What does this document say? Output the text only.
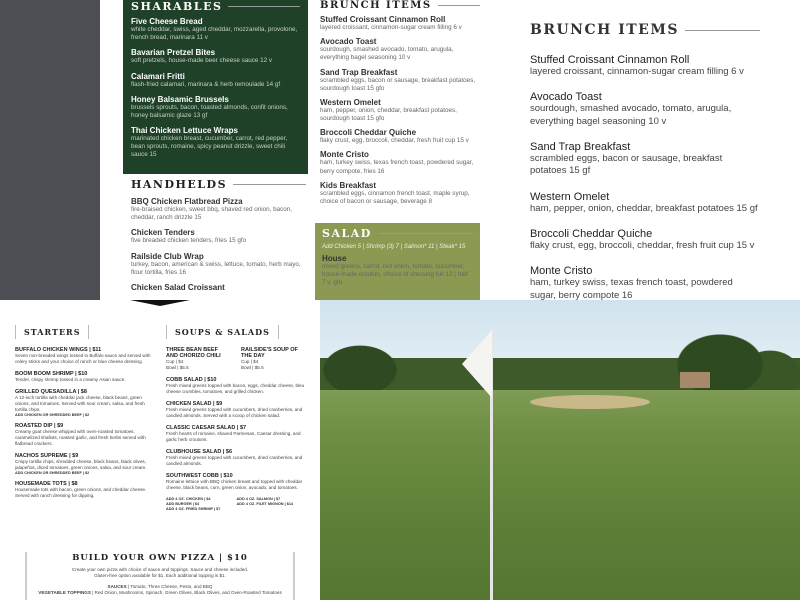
SHARABLES
Five Cheese Bread
white cheddar, swiss, aged cheddar, mozzarella, provolone, french bread, marinara 11 v
Bavarian Pretzel Bites
soft pretzels, house-made beer cheese sauce 12 v
Calamari Fritti
flash-fried calamari, marinara & herb remoulade 14 gf
Honey Balsamic Brussels
brussels sprouts, bacon, toasted almonds, confit onions, honey balsamic glaze 13 gf
Thai Chicken Lettuce Wraps
marinated chicken breast, cucumber, carrot, red pepper, bean sprouts, romaine, spicy peanut drizzle, sweet chili sauce 15
HANDHELDS
BBQ Chicken Flatbread Pizza
fire-braised chicken, sweet bbq, shaved red onion, bacon, cheddar, ranch drizzle 15
Chicken Tenders
five breaded chicken tenders, fries 15 gfo
Railside Club Wrap
turkey, bacon, american & swiss, lettuce, tomato, herb mayo, flour tortilla, fries 16
Chicken Salad Croissant
BRUNCH ITEMS
Stuffed Croissant Cinnamon Roll
layered croissant, cinnamon-sugar cream filling 6 v
Avocado Toast
sourdough, smashed avocado, tomato, arugula, everything bagel seasoning 10 v
Sand Trap Breakfast
scrambled eggs, bacon or sausage, breakfast potatoes, sourdough toast 15 gfo
Western Omelet
ham, pepper, onion, cheddar, breakfast potatoes, sourdough toast 15 gfo
Broccoli Cheddar Quiche
flaky crust, egg, broccoli, cheddar, fresh fruit cup 15 v
Monte Cristo
ham, turkey swiss, texas french toast, powdered sugar, berry compote, fries 16
Kids Breakfast
scrambled eggs, cinnamon french toast, maple syrup, choice of bacon or sausage, beverage 8
SALAD
Add Chicken 5 | Shrimp (3) 7 | Salmon* 11 | Steak* 15
House
mixed greens, carrot, red onion, tomato, cucumber, house-made crouton, choice of dressing full 13 | half 7 v, gfo
BRUNCH ITEMS
Stuffed Croissant Cinnamon Roll
layered croissant, cinnamon-sugar cream filling 6 v
Avocado Toast
sourdough, smashed avocado, tomato, arugula, everything bagel seasoning 10 v
Sand Trap Breakfast
scrambled eggs, bacon or sausage, breakfast potatoes 15 gf
Western Omelet
ham, pepper, onion, cheddar, breakfast potatoes 15 gf
Broccoli Cheddar Quiche
flaky crust, egg, broccoli, cheddar, fresh fruit cup 15 v
Monte Cristo
ham, turkey swiss, texas french toast, powdered sugar, berry compote 16
STARTERS
BUFFALO CHICKEN WINGS | $11
Seven non-breaded wings tossed in Buffalo sauce and served with celery sticks and your choice of ranch or blue cheese dressing.
BOOM BOOM SHRIMP | $10
Tender, crispy shrimp tossed in a creamy Asian sauce.
GRILLED QUESADILLA | $8
A 12-inch tortilla with cheddar jack cheese, black beans, green onions, and tomatoes. Served with sour cream, salsa, and fresh tortilla chips.
ADD CHICKEN OR SHREDDED BEEF | $2
ROASTED DIP | $9
Creamy goat cheese whipped with oven-roasted tomatoes, caramelized shallots, roasted garlic, and fresh herbs served with flatbread crackers.
NACHOS SUPREME | $9
Crispy tortilla chips, shredded cheese, black beans, black olives, jalapeños, diced tomatoes, green onions, salsa, and sour cream.
ADD CHICKEN OR SHREDDED BEEF | $2
HOUSEMADE TOTS | $8
Housemade tots with bacon, green onions, and cheddar cheese. Served with ranch dressing for dipping.
SOUPS & SALADS
THREE BEAN BEEF AND CHORIZO CHILI
Cup | $4
Bowl | $5.5
RAILSIDE'S SOUP OF THE DAY
Cup | $4
Bowl | $5.5
COBB SALAD | $10
Fresh mixed greens topped with bacon, eggs, cheddar cheese, bleu cheese crumbles, tomatoes, and grilled chicken.
CHICKEN SALAD | $9
Fresh mixed greens topped with cucumbers, dried cranberries, and candied almonds. Served with a scoop of chicken salad.
CLASSIC CAESAR SALAD | $7
Fresh hearts of romaine, shaved Parmesan, Caesar dressing, and garlic herb croutons.
CLUBHOUSE SALAD | $6
Fresh mixed greens topped with cucumbers, dried cranberries, and candied almonds.
SOUTHWEST COBB | $10
Romaine lettuce with BBQ chicken breast and topped with cheddar cheese, black beans, corn, green onion, avocado, and tomatoes.
ADD 4 OZ. CHICKEN | $4	ADD 4 OZ. SALMON | $7
ADD BURGER | $4	ADD 4 OZ. FILET MIGNON | $14
ADD 4 OZ. FRIED SHRIMP | $7
BUILD YOUR OWN PIZZA | $10

Create your own pizza with choice of sauce and toppings. Sauce and cheese included.

Gluten-free option available for $1. Each additional topping is $1.

SAUCES | Tomato, Three Cheese, Pesto, and BBQ

VEGETABLE TOPPINGS | Red Onion, Mushrooms, Spinach, Green Olives, Black Olives, and Oven-Roasted Tomatoes
